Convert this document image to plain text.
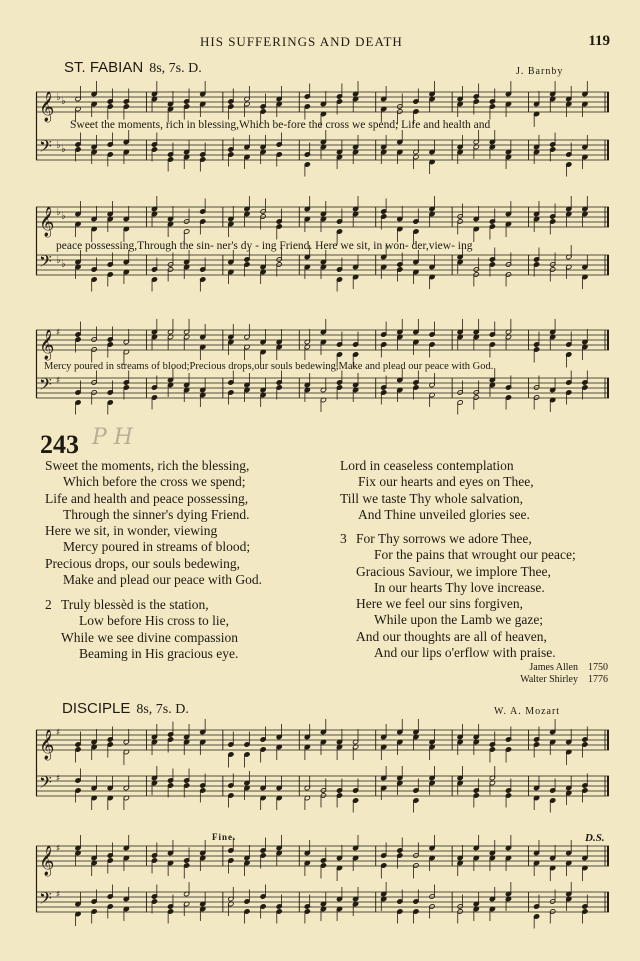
HIS SUFFERINGS AND DEATH	119
ST. FABIAN 8s, 7s. D.	J. Barnby
𝄞
𝄢
♭ ♭
♭ ♭
Sweet the moments, rich in blessing,Which be-fore the cross we spend; Life and health and
𝄞
𝄢
♭ ♭
♭ ♭
peace possessing,Through the sin- ner's dy - ing Friend. Here we sit, in won- der,view- ing
𝄞
𝄢
♯
♯
Mercy poured in streams of blood;Precious drops,our souls bedewing,Make and plead our peace with God.
243 P H
Sweet the moments, rich the blessing,
Which before the cross we spend;
Life and health and peace possessing,
Through the sinner's dying Friend.
Here we sit, in wonder, viewing
Mercy poured in streams of blood;
Precious drops, our souls bedewing,
Make and plead our peace with God.
2 Truly blessèd is the station,
Low before His cross to lie,
While we see divine compassion
Beaming in His gracious eye.
Lord in ceaseless contemplation
Fix our hearts and eyes on Thee,
Till we taste Thy whole salvation,
And Thine unveiled glories see.
3 For Thy sorrows we adore Thee,
For the pains that wrought our peace;
Gracious Saviour, we implore Thee,
In our hearts Thy love increase.
Here we feel our sins forgiven,
While upon the Lamb we gaze;
And our thoughts are all of heaven,
And our lips o'erflow with praise.
James Allen 1750
Walter Shirley 1776
DISCIPLE 8s, 7s. D.	W. A. Mozart
𝄞
𝄢
♯
♯
Fine.	D.S.
𝄞
𝄢
♯
♯
